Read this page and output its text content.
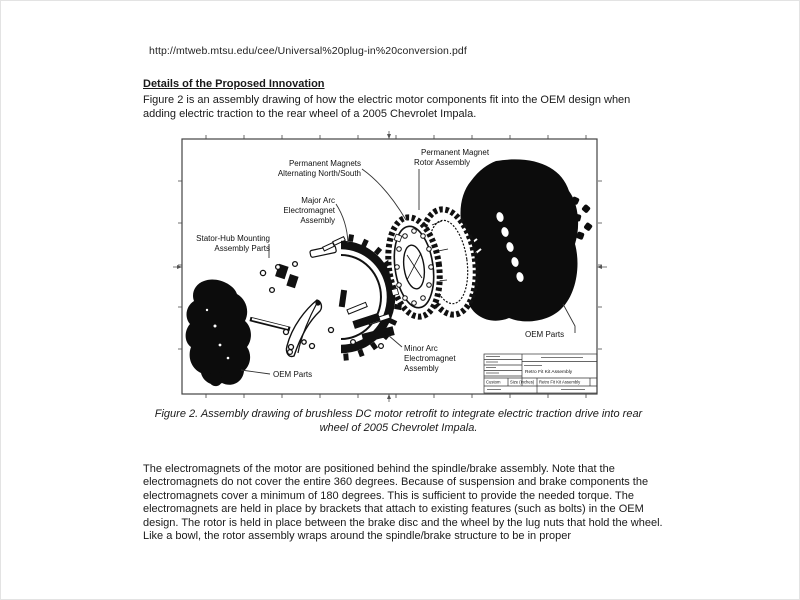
http://mtweb.mtsu.edu/cee/Universal%20plug-in%20conversion.pdf
Details of the Proposed Innovation
Figure 2 is an assembly drawing of how the electric motor components fit into the OEM design when adding electric traction to the rear wheel of a 2005 Chevrolet Impala.
Permanent Magnets
Alternating North/South
Permanent Magnet
Rotor Assembly
Major Arc
Electromagnet
Assembly
Stator-Hub Mounting
Assembly Parts
Minor Arc
Electromagnet
Assembly
OEM Parts
OEM Parts
Retro Fit Kit Assembly
Custom Size (inches) Retro Fit Kit Assembly
Figure 2. Assembly drawing of brushless DC motor retrofit to integrate electric traction drive into rear
wheel of 2005 Chevrolet Impala.
The electromagnets of the motor are positioned behind the spindle/brake assembly. Note that the electromagnets do not cover the entire 360 degrees. Because of suspension and brake components the electromagnets cover a minimum of 180 degrees. This is sufficient to provide the needed torque. The electromagnets are held in place by brackets that attach to existing features (such as bolts) in the OEM design. The rotor is held in place between the brake disc and the wheel by the lug nuts that hold the wheel. Like a bowl, the rotor assembly wraps around the spindle/brake structure to be in proper
